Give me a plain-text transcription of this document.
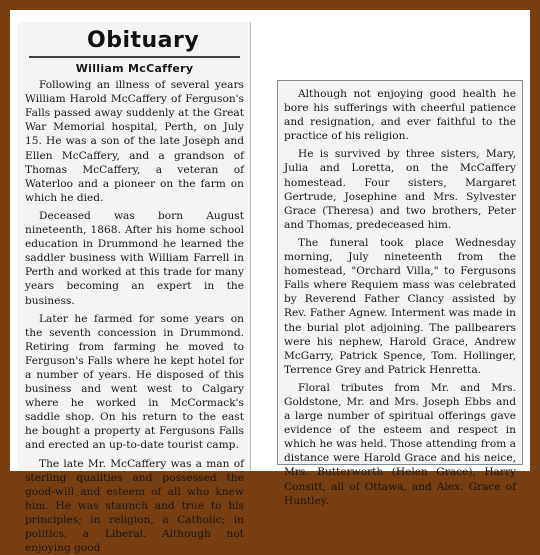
Obituary
William McCaffery

Following an illness of several years William Harold McCaffery of Ferguson's Falls passed away suddenly at the Great War Memorial hospital, Perth, on July 15. He was a son of the late Joseph and Ellen McCaffery, and a grandson of Thomas McCaffery, a veteran of Waterloo and a pioneer on the farm on which he died.

Deceased was born August nineteenth, 1868. After his home school education in Drummond he learned the saddler business with William Farrell in Perth and worked at this trade for many years becoming an expert in the business.

Later he farmed for some years on the seventh concession in Drummond. Retiring from farming he moved to Ferguson's Falls where he kept hotel for a number of years. He disposed of this business and went west to Calgary where he worked in McCormack's saddle shop. On his return to the east he bought a property at Fergusons Falls and erected an up-to-date tourist camp.

The late Mr. McCaffery was a man of sterling qualities and possessed the good-will and esteem of all who knew him. He was staunch and true to his principles; in religion, a Catholic; in politics, a Liberal. Although not enjoying good

Although not enjoying good health he bore his sufferings with cheerful patience and resignation, and ever faithful to the practice of his religion.

He is survived by three sisters, Mary, Julia and Loretta, on the McCaffery homestead. Four sisters, Margaret Gertrude, Josephine and Mrs. Sylvester Grace (Theresa) and two brothers, Peter and Thomas, predeceased him.

The funeral took place Wednesday morning, July nineteenth from the homestead, "Orchard Villa," to Fergusons Falls where Requiem mass was celebrated by Reverend Father Clancy assisted by Rev. Father Agnew. Interment was made in the burial plot adjoining. The pallbearers were his nephew, Harold Grace, Andrew McGarry, Patrick Spence, Tom. Hollinger, Terrence Grey and Patrick Henretta.

Floral tributes from Mr. and Mrs. Goldstone, Mr. and Mrs. Joseph Ebbs and a large number of spiritual offerings gave evidence of the esteem and respect in which he was held. Those attending from a distance were Harold Grace and his neice, Mrs. Butterworth (Helen Grace), Harry Consitt, all of Ottawa, and Alex. Grace of Huntley.
